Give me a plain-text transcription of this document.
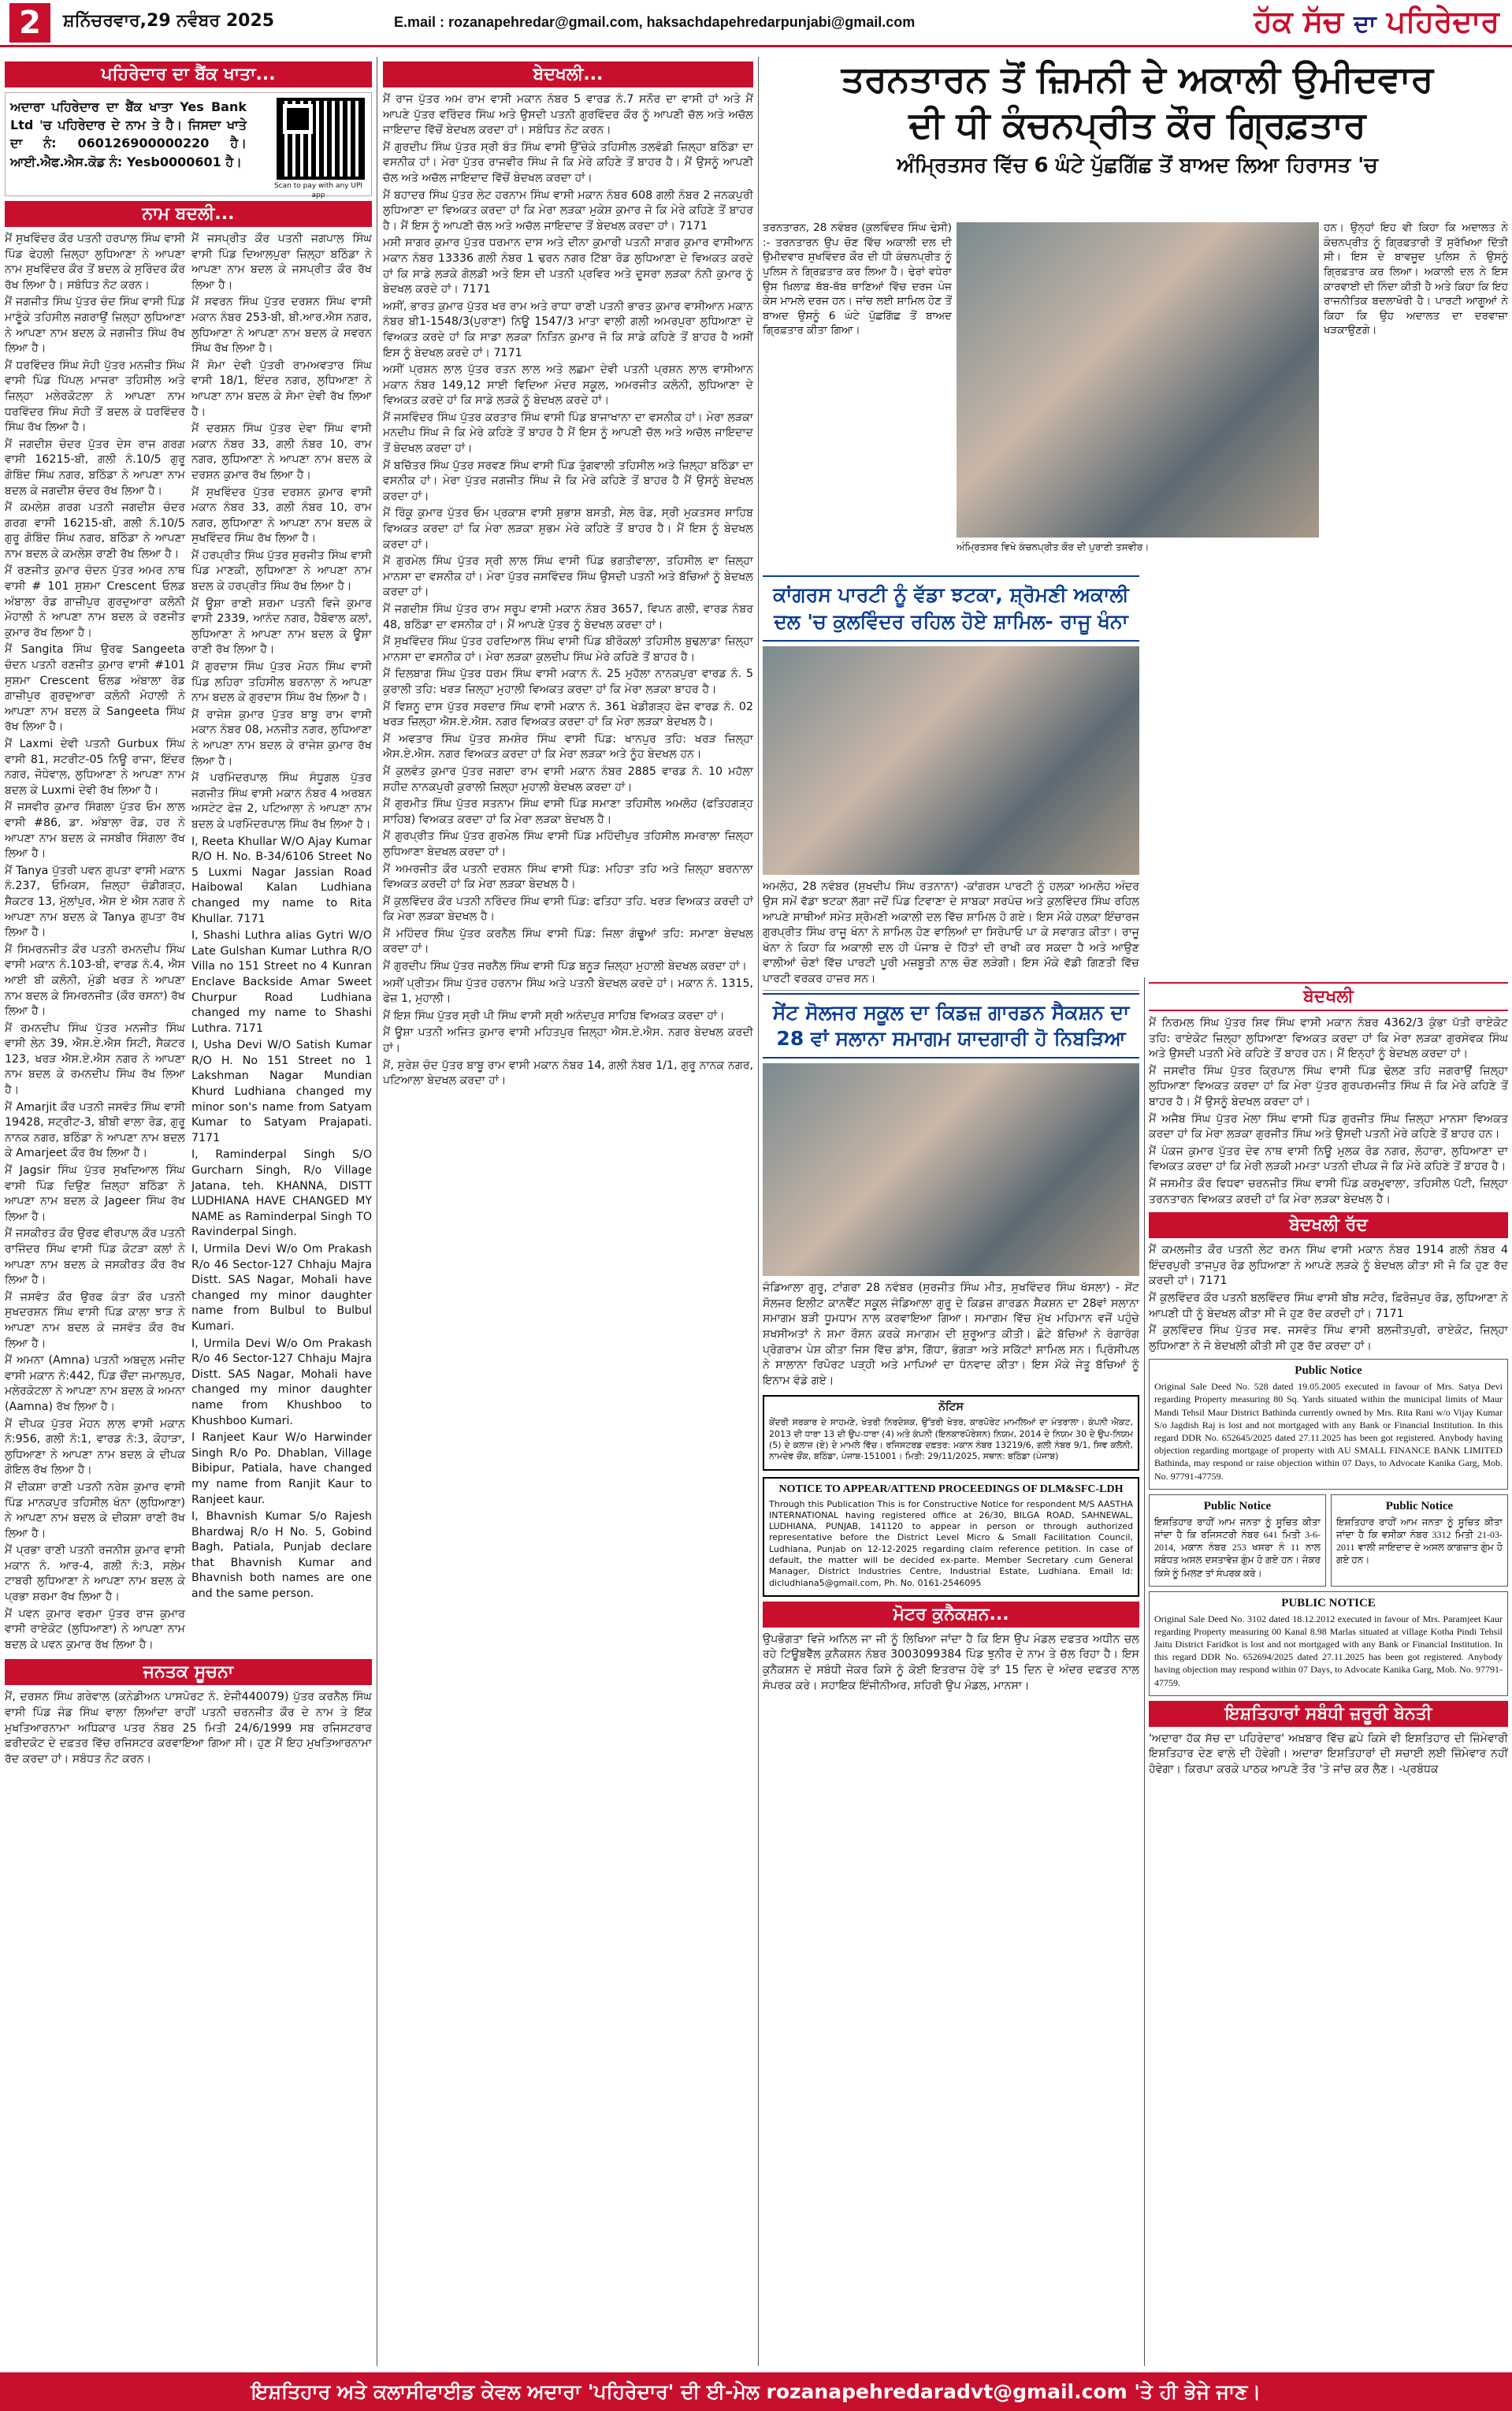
2	ਸ਼ਨਿੱਚਰਵਾਰ,29 ਨਵੰਬਰ 2025	E.mail : rozanapehredar@gmail.com, haksachdapehredarpunjabi@gmail.com	ਹੱਕ ਸੱਚ ਦਾ ਪਹਿਰੇਦਾਰ
ਪਹਿਰੇਦਾਰ ਦਾ ਬੈਂਕ ਖਾਤਾ...
ਅਦਾਰਾ ਪਹਿਰੇਦਾਰ ਦਾ ਬੈਂਕ ਖਾਤਾ Yes Bank Ltd 'ਚ ਪਹਿਰੇਦਾਰ ਦੇ ਨਾਮ ਤੇ ਹੈ। ਜਿਸਦਾ ਖਾਤੇ ਦਾ ਨੰ: 060126900000220 ਹੈ। ਆਈ.ਐਫ.ਐਸ.ਕੋਡ ਨੰ: Yesb0000601 ਹੈ।
Scan to pay with any UPI app
ਨਾਮ ਬਦਲੀ...

ਮੈਂ ਸੁਖਵਿੰਦਰ ਕੌਰ ਪਤਨੀ ਹਰਪਾਲ ਸਿੰਘ ਵਾਸੀ ਪਿੰਡ ਫੇਹਲੀ ਜ਼ਿਲ੍ਹਾ ਲੁਧਿਆਣਾ ਨੇ ਆਪਣਾ ਨਾਮ ਸੁਖਵਿੰਦਰ ਕੌਰ ਤੋਂ ਬਦਲ ਕੇ ਸੁਰਿੰਦਰ ਕੌਰ ਰੱਖ ਲਿਆ ਹੈ। ਸਬੰਧਿਤ ਨੋਟ ਕਰਨ।

ਮੈਂ ਜਗਜੀਤ ਸਿੰਘ ਪੁੱਤਰ ਚੰਦ ਸਿੰਘ ਵਾਸੀ ਪਿੰਡ ਮਾਣੂੰਕੇ ਤਹਿਸੀਲ ਜਗਰਾਉਂ ਜ਼ਿਲ੍ਹਾ ਲੁਧਿਆਣਾ ਨੇ ਆਪਣਾ ਨਾਮ ਬਦਲ ਕੇ ਜਗਜੀਤ ਸਿੰਘ ਰੱਖ ਲਿਆ ਹੈ।

ਮੈਂ ਧਰਵਿੰਦਰ ਸਿੰਘ ਸੋਹੀ ਪੁੱਤਰ ਮਨਜੀਤ ਸਿੰਘ ਵਾਸੀ ਪਿੰਡ ਪਿੱਪਲ ਮਾਜਰਾ ਤਹਿਸੀਲ ਅਤੇ ਜ਼ਿਲ੍ਹਾ ਮਲੇਰਕੋਟਲਾ ਨੇ ਆਪਣਾ ਨਾਮ ਧਰਵਿੰਦਰ ਸਿੰਘ ਸੋਹੀ ਤੋਂ ਬਦਲ ਕੇ ਧਰਵਿੰਦਰ ਸਿੰਘ ਰੱਖ ਲਿਆ ਹੈ।

ਮੈਂ ਜਗਦੀਸ਼ ਚੰਦਰ ਪੁੱਤਰ ਦੇਸ ਰਾਜ ਗਰਗ ਵਾਸੀ 16215-ਬੀ, ਗਲੀ ਨੰ.10/5 ਗੁਰੂ ਗੋਬਿੰਦ ਸਿੰਘ ਨਗਰ, ਬਠਿੰਡਾ ਨੇ ਆਪਣਾ ਨਾਮ ਬਦਲ ਕੇ ਜਗਦੀਸ਼ ਚੰਦਰ ਰੱਖ ਲਿਆ ਹੈ।

ਮੈਂ ਕਮਲੇਸ਼ ਗਰਗ ਪਤਨੀ ਜਗਦੀਸ਼ ਚੰਦਰ ਗਰਗ ਵਾਸੀ 16215-ਬੀ, ਗਲੀ ਨੰ.10/5 ਗੁਰੂ ਗੋਬਿੰਦ ਸਿੰਘ ਨਗਰ, ਬਠਿੰਡਾ ਨੇ ਆਪਣਾ ਨਾਮ ਬਦਲ ਕੇ ਕਮਲੇਸ਼ ਰਾਣੀ ਰੱਖ ਲਿਆ ਹੈ।

ਮੈਂ ਰਣਜੀਤ ਕੁਮਾਰ ਚੰਦਨ ਪੁੱਤਰ ਅਮਰ ਨਾਥ ਵਾਸੀ # 101 ਸੁਸ਼ਮਾ Crescent ਓਲਡ ਅੰਬਾਲਾ ਰੋਡ ਗਾਜ਼ੀਪੁਰ ਗੁਰਦੁਆਰਾ ਕਲੋਨੀ ਮੋਹਾਲੀ ਨੇ ਆਪਣਾ ਨਾਮ ਬਦਲ ਕੇ ਰਣਜੀਤ ਕੁਮਾਰ ਰੱਖ ਲਿਆ ਹੈ।

ਮੈਂ Sangita ਸਿੰਘ ਉਰਫ Sangeeta ਚੰਦਨ ਪਤਨੀ ਰਣਜੀਤ ਕੁਮਾਰ ਵਾਸੀ #101 ਸੁਸ਼ਮਾ Crescent ਓਲਡ ਅੰਬਾਲਾ ਰੋਡ ਗਾਜ਼ੀਪੁਰ ਗੁਰਦੁਆਰਾ ਕਲੋਨੀ ਮੋਹਾਲੀ ਨੇ ਆਪਣਾ ਨਾਮ ਬਦਲ ਕੇ Sangeeta ਸਿੰਘ ਰੱਖ ਲਿਆ ਹੈ।

ਮੈਂ Laxmi ਦੇਵੀ ਪਤਨੀ Gurbux ਸਿੰਘ ਵਾਸੀ 81, ਸਟਰੀਟ-05 ਨਿਊ ਰਾਜਾ, ਇੰਦਰ ਨਗਰ, ਜੋਧੇਵਾਲ, ਲੁਧਿਆਣਾ ਨੇ ਆਪਣਾ ਨਾਮ ਬਦਲ ਕੇ Luxmi ਦੇਵੀ ਰੱਖ ਲਿਆ ਹੈ।

ਮੈਂ ਜਸਵੀਰ ਕੁਮਾਰ ਸਿੰਗਲਾ ਪੁੱਤਰ ਓਮ ਲਾਲ ਵਾਸੀ #86, ਡਾ. ਅੰਬਾਲਾ ਰੋਡ, ਹਰ ਨੇ ਆਪਣਾ ਨਾਮ ਬਦਲ ਕੇ ਜਸਬੀਰ ਸਿੰਗਲਾ ਰੱਖ ਲਿਆ ਹੈ।

ਮੈਂ Tanya ਪੁੱਤਰੀ ਪਵਨ ਗੁਪਤਾ ਵਾਸੀ ਮਕਾਨ ਨੰ.237, ਓਮਿਕਸ, ਜ਼ਿਲ੍ਹਾ ਚੰਡੀਗੜ੍ਹ, ਸੈਕਟਰ 13, ਮੁੱਲਾਂਪੁਰ, ਐਸ ਏ ਐਸ ਨਗਰ ਨੇ ਆਪਣਾ ਨਾਮ ਬਦਲ ਕੇ Tanya ਗੁਪਤਾ ਰੱਖ ਲਿਆ ਹੈ।

ਮੈਂ ਸਿਮਰਨਜੀਤ ਕੌਰ ਪਤਨੀ ਰਮਨਦੀਪ ਸਿੰਘ ਵਾਸੀ ਮਕਾਨ ਨੰ.103-ਬੀ, ਵਾਰਡ ਨੰ.4, ਐਸ ਆਈ ਬੀ ਕਲੋਨੀ, ਮੁੰਡੀ ਖਰੜ ਨੇ ਆਪਣਾ ਨਾਮ ਬਦਲ ਕੇ ਸਿਮਰਨਜੀਤ (ਕੌਰ ਰਸਨਾ) ਰੱਖ ਲਿਆ ਹੈ।

ਮੈਂ ਰਮਨਦੀਪ ਸਿੰਘ ਪੁੱਤਰ ਮਨਜੀਤ ਸਿੰਘ ਵਾਸੀ ਲੇਨ 39, ਐਸ.ਏ.ਐਸ ਸਿਟੀ, ਸੈਕਟਰ 123, ਖਰੜ ਐਸ.ਏ.ਐਸ ਨਗਰ ਨੇ ਆਪਣਾ ਨਾਮ ਬਦਲ ਕੇ ਰਮਨਦੀਪ ਸਿੰਘ ਰੱਖ ਲਿਆ ਹੈ।

ਮੈਂ Amarjit ਕੌਰ ਪਤਨੀ ਜਸਵੰਤ ਸਿੰਘ ਵਾਸੀ 19428, ਸਟ੍ਰੀਟ-3, ਬੀਬੀ ਵਾਲਾ ਰੋਡ, ਗੁਰੂ ਨਾਨਕ ਨਗਰ, ਬਠਿੰਡਾ ਨੇ ਆਪਣਾ ਨਾਮ ਬਦਲ ਕੇ Amarjeet ਕੌਰ ਰੱਖ ਲਿਆ ਹੈ।

ਮੈਂ Jagsir ਸਿੰਘ ਪੁੱਤਰ ਸੁਖਦਿਆਲ ਸਿੰਘ ਵਾਸੀ ਪਿੰਡ ਦਿਉਣ ਜ਼ਿਲ੍ਹਾ ਬਠਿੰਡਾ ਨੇ ਆਪਣਾ ਨਾਮ ਬਦਲ ਕੇ Jageer ਸਿੰਘ ਰੱਖ ਲਿਆ ਹੈ।

ਮੈਂ ਜਸਕੀਰਤ ਕੌਰ ਉਰਫ ਵੀਰਪਾਲ ਕੌਰ ਪਤਨੀ ਰਾਜਿੰਦਰ ਸਿੰਘ ਵਾਸੀ ਪਿੰਡ ਕੋਟੜਾ ਕਲਾਂ ਨੇ ਆਪਣਾ ਨਾਮ ਬਦਲ ਕੇ ਜਸਕੀਰਤ ਕੌਰ ਰੱਖ ਲਿਆ ਹੈ।

ਮੈਂ ਜਸਵੰਤ ਕੌਰ ਉਰਫ ਕੰਤਾ ਕੌਰ ਪਤਨੀ ਸੁਖਦਰਸ਼ਨ ਸਿੰਘ ਵਾਸੀ ਪਿੰਡ ਕਾਲਾ ਝਾੜ ਨੇ ਆਪਣਾ ਨਾਮ ਬਦਲ ਕੇ ਜਸਵੰਤ ਕੌਰ ਰੱਖ ਲਿਆ ਹੈ।

ਮੈਂ ਅਮਨਾ (Amna) ਪਤਨੀ ਅਬਦੁਲ ਮਜੀਦ ਵਾਸੀ ਮਕਾਨ ਨੰ:442, ਪਿੰਡ ਚੌਂਦਾ ਜਮਾਲਪੁਰ, ਮਲੇਰਕੋਟਲਾ ਨੇ ਆਪਣਾ ਨਾਮ ਬਦਲ ਕੇ ਅਮਨਾ (Aamna) ਰੱਖ ਲਿਆ ਹੈ।

ਮੈਂ ਦੀਪਕ ਪੁੱਤਰ ਮੋਹਨ ਲਾਲ ਵਾਸੀ ਮਕਾਨ ਨੰ:956, ਗਲੀ ਨੰ:1, ਵਾਰਡ ਨੰ:3, ਕੋਹਾੜਾ, ਲੁਧਿਆਣਾ ਨੇ ਆਪਣਾ ਨਾਮ ਬਦਲ ਕੇ ਦੀਪਕ ਗੋਇਲ ਰੱਖ ਲਿਆ ਹੈ।

ਮੈਂ ਦੀਕਸ਼ਾ ਰਾਣੀ ਪਤਨੀ ਨਰੇਸ਼ ਕੁਮਾਰ ਵਾਸੀ ਪਿੰਡ ਮਾਨਕਪੁਰ ਤਹਿਸੀਲ ਖੰਨਾ (ਲੁਧਿਆਣਾ) ਨੇ ਆਪਣਾ ਨਾਮ ਬਦਲ ਕੇ ਦੀਕਸ਼ਾ ਰਾਣੀ ਰੱਖ ਲਿਆ ਹੈ।

ਮੈਂ ਪ੍ਰਭਾ ਰਾਣੀ ਪਤਨੀ ਰਜਨੀਸ਼ ਕੁਮਾਰ ਵਾਸੀ ਮਕਾਨ ਨੰ. ਆਰ-4, ਗਲੀ ਨੰ:3, ਸਲੇਮ ਟਾਬਰੀ ਲੁਧਿਆਣਾ ਨੇ ਆਪਣਾ ਨਾਮ ਬਦਲ ਕੇ ਪ੍ਰਭਾ ਸ਼ਰਮਾ ਰੱਖ ਲਿਆ ਹੈ।

ਮੈਂ ਪਵਨ ਕੁਮਾਰ ਵਰਮਾ ਪੁੱਤਰ ਰਾਜ ਕੁਮਾਰ ਵਾਸੀ ਰਾਏਕੋਟ (ਲੁਧਿਆਣਾ) ਨੇ ਆਪਣਾ ਨਾਮ ਬਦਲ ਕੇ ਪਵਨ ਕੁਮਾਰ ਰੱਖ ਲਿਆ ਹੈ।

ਮੈਂ ਜਸਪ੍ਰੀਤ ਕੌਰ ਪਤਨੀ ਜਗਪਾਲ ਸਿੰਘ ਵਾਸੀ ਪਿੰਡ ਦਿਆਲਪੁਰਾ ਜ਼ਿਲ੍ਹਾ ਬਠਿੰਡਾ ਨੇ ਆਪਣਾ ਨਾਮ ਬਦਲ ਕੇ ਜਸਪ੍ਰੀਤ ਕੌਰ ਰੱਖ ਲਿਆ ਹੈ।

ਮੈਂ ਸਵਰਨ ਸਿੰਘ ਪੁੱਤਰ ਦਰਸ਼ਨ ਸਿੰਘ ਵਾਸੀ ਮਕਾਨ ਨੰਬਰ 253-ਬੀ, ਬੀ.ਆਰ.ਐਸ ਨਗਰ, ਲੁਧਿਆਣਾ ਨੇ ਆਪਣਾ ਨਾਮ ਬਦਲ ਕੇ ਸਵਰਨ ਸਿੰਘ ਰੱਖ ਲਿਆ ਹੈ।

ਮੈਂ ਸੋਮਾ ਦੇਵੀ ਪੁੱਤਰੀ ਰਾਮਅਵਤਾਰ ਸਿੰਘ ਵਾਸੀ 18/1, ਇੰਦਰ ਨਗਰ, ਲੁਧਿਆਣਾ ਨੇ ਆਪਣਾ ਨਾਮ ਬਦਲ ਕੇ ਸੋਮਾ ਦੇਵੀ ਰੱਖ ਲਿਆ ਹੈ।

ਮੈਂ ਦਰਸ਼ਨ ਸਿੰਘ ਪੁੱਤਰ ਦੇਵਾ ਸਿੰਘ ਵਾਸੀ ਮਕਾਨ ਨੰਬਰ 33, ਗਲੀ ਨੰਬਰ 10, ਰਾਮ ਨਗਰ, ਲੁਧਿਆਣਾ ਨੇ ਆਪਣਾ ਨਾਮ ਬਦਲ ਕੇ ਦਰਸ਼ਨ ਕੁਮਾਰ ਰੱਖ ਲਿਆ ਹੈ।

ਮੈਂ ਸੁਖਵਿੰਦਰ ਪੁੱਤਰ ਦਰਸ਼ਨ ਕੁਮਾਰ ਵਾਸੀ ਮਕਾਨ ਨੰਬਰ 33, ਗਲੀ ਨੰਬਰ 10, ਰਾਮ ਨਗਰ, ਲੁਧਿਆਣਾ ਨੇ ਆਪਣਾ ਨਾਮ ਬਦਲ ਕੇ ਸੁਖਵਿੰਦਰ ਸਿੰਘ ਰੱਖ ਲਿਆ ਹੈ।

ਮੈਂ ਹਰਪ੍ਰੀਤ ਸਿੰਘ ਪੁੱਤਰ ਸੁਰਜੀਤ ਸਿੰਘ ਵਾਸੀ ਪਿੰਡ ਮਾਣਕੀ, ਲੁਧਿਆਣਾ ਨੇ ਆਪਣਾ ਨਾਮ ਬਦਲ ਕੇ ਹਰਪ੍ਰੀਤ ਸਿੰਘ ਰੱਖ ਲਿਆ ਹੈ।

ਮੈਂ ਊਸ਼ਾ ਰਾਣੀ ਸ਼ਰਮਾ ਪਤਨੀ ਵਿਜੇ ਕੁਮਾਰ ਵਾਸੀ 2339, ਆਨੰਦ ਨਗਰ, ਹੈਬੋਵਾਲ ਕਲਾਂ, ਲੁਧਿਆਣਾ ਨੇ ਆਪਣਾ ਨਾਮ ਬਦਲ ਕੇ ਊਸ਼ਾ ਰਾਣੀ ਰੱਖ ਲਿਆ ਹੈ।

ਮੈਂ ਗੁਰਦਾਸ ਸਿੰਘ ਪੁੱਤਰ ਮੋਹਨ ਸਿੰਘ ਵਾਸੀ ਪਿੰਡ ਲਹਿਰਾ ਤਹਿਸੀਲ ਬਰਨਾਲਾ ਨੇ ਆਪਣਾ ਨਾਮ ਬਦਲ ਕੇ ਗੁਰਦਾਸ ਸਿੰਘ ਰੱਖ ਲਿਆ ਹੈ।

ਮੈਂ ਰਾਜੇਸ਼ ਕੁਮਾਰ ਪੁੱਤਰ ਬਾਬੂ ਰਾਮ ਵਾਸੀ ਮਕਾਨ ਨੰਬਰ 08, ਮਨਜੀਤ ਨਗਰ, ਲੁਧਿਆਣਾ ਨੇ ਆਪਣਾ ਨਾਮ ਬਦਲ ਕੇ ਰਾਜੇਸ਼ ਕੁਮਾਰ ਰੱਖ ਲਿਆ ਹੈ।

ਮੈਂ ਪਰਮਿੰਦਰਪਾਲ ਸਿੰਘ ਸੰਧੂਗਲ ਪੁੱਤਰ ਜਗਜੀਤ ਸਿੰਘ ਵਾਸੀ ਮਕਾਨ ਨੰਬਰ 4 ਅਰਬਨ ਅਸਟੇਟ ਫੇਜ਼ 2, ਪਟਿਆਲਾ ਨੇ ਆਪਣਾ ਨਾਮ ਬਦਲ ਕੇ ਪਰਮਿੰਦਰਪਾਲ ਸਿੰਘ ਰੱਖ ਲਿਆ ਹੈ।

I, Reeta Khullar W/O Ajay Kumar R/O H. No. B-34/6106 Street No 5 Luxmi Nagar Jassian Road Haibowal Kalan Ludhiana changed my name to Rita Khullar. 7171

I, Shashi Luthra alias Gytri W/O Late Gulshan Kumar Luthra R/O Villa no 151 Street no 4 Kunran Enclave Backside Amar Sweet Churpur Road Ludhiana changed my name to Shashi Luthra. 7171

I, Usha Devi W/O Satish Kumar R/O H. No 151 Street no 1 Lakshman Nagar Mundian Khurd Ludhiana changed my minor son's name from Satyam Kumar to Satyam Prajapati. 7171

I, Raminderpal Singh S/O Gurcharn Singh, R/o Village Jatana, teh. KHANNA, DISTT LUDHIANA HAVE CHANGED MY NAME as Raminderpal Singh TO Ravinderpal Singh.

I, Urmila Devi W/o Om Prakash R/o 46 Sector-127 Chhaju Majra Distt. SAS Nagar, Mohali have changed my minor daughter name from Bulbul to Bulbul Kumari.

I, Urmila Devi W/o Om Prakash R/o 46 Sector-127 Chhaju Majra Distt. SAS Nagar, Mohali have changed my minor daughter name from Khushboo to Khushboo Kumari.

I Ranjeet Kaur W/o Harwinder Singh R/o Po. Dhablan, Village Bibipur, Patiala, have changed my name from Ranjit Kaur to Ranjeet kaur.

I, Bhavnish Kumar S/o Rajesh Bhardwaj R/o H No. 5, Gobind Bagh, Patiala, Punjab declare that Bhavnish Kumar and Bhavnish both names are one and the same person.

ਜਨਤਕ ਸੂਚਨਾ

ਮੈਂ, ਦਰਸ਼ਨ ਸਿੰਘ ਗਰੇਵਾਲ (ਕਨੇਡੀਅਨ ਪਾਸਪੋਰਟ ਨੰ. ਏਜੀ440079) ਪੁੱਤਰ ਕਰਨੈਲ ਸਿੰਘ ਵਾਸੀ ਪਿੰਡ ਜੰਡ ਸਿੰਘ ਵਾਲਾ ਲਿਆਂਦਾ ਰਾਹੀਂ ਪਤਨੀ ਚਰਨਜੀਤ ਕੌਰ ਦੇ ਨਾਮ ਤੇ ਇੱਕ ਮੁਖਤਿਆਰਨਾਮਾ ਅਧਿਕਾਰ ਪਤਰ ਨੰਬਰ 25 ਮਿਤੀ 24/6/1999 ਸਬ ਰਜਿਸਟਰਾਰ ਫ਼ਰੀਦਕੋਟ ਦੇ ਦਫ਼ਤਰ ਵਿੱਚ ਰਜਿਸਟਰ ਕਰਵਾਇਆ ਗਿਆ ਸੀ। ਹੁਣ ਮੈਂ ਇਹ ਮੁਖਤਿਆਰਨਾਮਾ ਰੱਦ ਕਰਦਾ ਹਾਂ। ਸਬੰਧਤ ਨੋਟ ਕਰਨ।

ਬੇਦਖਲੀ...

ਮੈਂ ਰਾਜ ਪੁੱਤਰ ਅਮ ਰਾਮ ਵਾਸੀ ਮਕਾਨ ਨੰਬਰ 5 ਵਾਰਡ ਨੰ.7 ਸਨੌਰ ਦਾ ਵਾਸੀ ਹਾਂ ਅਤੇ ਮੈਂ ਆਪਣੇ ਪੁੱਤਰ ਵਰਿੰਦਰ ਸਿੰਘ ਅਤੇ ਉਸਦੀ ਪਤਨੀ ਗੁਰਵਿੰਦਰ ਕੌਰ ਨੂੰ ਆਪਣੀ ਚੱਲ ਅਤੇ ਅਚੱਲ ਜਾਇਦਾਦ ਵਿੱਚੋਂ ਬੇਦਖਲ ਕਰਦਾ ਹਾਂ। ਸਬੰਧਿਤ ਨੋਟ ਕਰਨ।

ਮੈਂ ਗੁਰਦੀਪ ਸਿੰਘ ਪੁੱਤਰ ਸ੍ਰੀ ਬੰਤ ਸਿੰਘ ਵਾਸੀ ਉੱਚੇਕੇ ਤਹਿਸੀਲ ਤਲਵੰਡੀ ਜ਼ਿਲ੍ਹਾ ਬਠਿੰਡਾ ਦਾ ਵਸਨੀਕ ਹਾਂ। ਮੇਰਾ ਪੁੱਤਰ ਰਾਜਵੀਰ ਸਿੰਘ ਜੋ ਕਿ ਮੇਰੇ ਕਹਿਣੇ ਤੋਂ ਬਾਹਰ ਹੈ। ਮੈਂ ਉਸਨੂੰ ਆਪਣੀ ਚੱਲ ਅਤੇ ਅਚੱਲ ਜਾਇਦਾਦ ਵਿੱਚੋਂ ਬੇਦਖਲ ਕਰਦਾ ਹਾਂ।

ਮੈਂ ਬਹਾਦਰ ਸਿੰਘ ਪੁੱਤਰ ਲੇਟ ਹਰਨਾਮ ਸਿੰਘ ਵਾਸੀ ਮਕਾਨ ਨੰਬਰ 608 ਗਲੀ ਨੰਬਰ 2 ਜਨਕਪੁਰੀ ਲੁਧਿਆਣਾ ਦਾ ਵਿਅਕਤ ਕਰਦਾ ਹਾਂ ਕਿ ਮੇਰਾ ਲੜਕਾ ਮੁਕੇਸ਼ ਕੁਮਾਰ ਜੋ ਕਿ ਮੇਰੇ ਕਹਿਣੇ ਤੋਂ ਬਾਹਰ ਹੈ। ਮੈਂ ਇਸ ਨੂੰ ਆਪਣੀ ਚੱਲ ਅਤੇ ਅਚੱਲ ਜਾਇਦਾਦ ਤੋਂ ਬੇਦਖਲ ਕਰਦਾ ਹਾਂ। 7171

ਮਸੀ ਸਾਗਰ ਕੁਮਾਰ ਪੁੱਤਰ ਧਰਮਾਨ ਦਾਸ ਅਤੇ ਦੀਨਾ ਕੁਮਾਰੀ ਪਤਨੀ ਸਾਗਰ ਕੁਮਾਰ ਵਾਸੀਆਨ ਮਕਾਨ ਨੰਬਰ 13336 ਗਲੀ ਨੰਬਰ 1 ਢਰਨ ਨਗਰ ਟਿੱਬਾ ਰੋਡ ਲੁਧਿਆਣਾ ਦੇ ਵਿਅਕਤ ਕਰਦੇ ਹਾਂ ਕਿ ਸਾਡੇ ਲੜਕੇ ਗੋਲਡੀ ਅਤੇ ਇਸ ਦੀ ਪਤਨੀ ਪ੍ਰਵਿਰ ਅਤੇ ਦੂਸਰਾ ਲੜਕਾ ਨੰਨੀ ਕੁਮਾਰ ਨੂੰ ਬੇਦਖਲ ਕਰਦੇ ਹਾਂ। 7171

ਅਸੀਂ, ਭਾਰਤ ਕੁਮਾਰ ਪੁੱਤਰ ਖਰ ਰਾਮ ਅਤੇ ਰਾਧਾ ਰਾਣੀ ਪਤਨੀ ਭਾਰਤ ਕੁਮਾਰ ਵਾਸੀਆਨ ਮਕਾਨ ਨੰਬਰ ਬੀ1-1548/3(ਪੁਰਾਣਾ) ਨਿਊ 1547/3 ਮਾਤਾ ਵਾਲੀ ਗਲੀ ਅਮਰਪੁਰਾ ਲੁਧਿਆਣਾ ਦੇ ਵਿਅਕਤ ਕਰਦੇ ਹਾਂ ਕਿ ਸਾਡਾ ਲੜਕਾ ਨਿਤਿਨ ਕੁਮਾਰ ਜੋ ਕਿ ਸਾਡੇ ਕਹਿਣੇ ਤੋਂ ਬਾਹਰ ਹੈ ਅਸੀਂ ਇਸ ਨੂੰ ਬੇਦਖਲ ਕਰਦੇ ਹਾਂ। 7171

ਅਸੀਂ ਪ੍ਰਸ਼ਨ ਲਾਲ ਪੁੱਤਰ ਰਤਨ ਲਾਲ ਅਤੇ ਲਛਮਾ ਦੇਵੀ ਪਤਨੀ ਪ੍ਰਸ਼ਨ ਲਾਲ ਵਾਸੀਆਨ ਮਕਾਨ ਨੰਬਰ 149,12 ਸਾਈ ਵਿਦਿਆ ਮੰਦਰ ਸਕੂਲ, ਅਮਰਜੀਤ ਕਲੋਨੀ, ਲੁਧਿਆਣਾ ਦੇ ਵਿਅਕਤ ਕਰਦੇ ਹਾਂ ਕਿ ਸਾਡੇ ਲੜਕੇ ਨੂੰ ਬੇਦਖਲ ਕਰਦੇ ਹਾਂ।

ਮੈਂ ਜਸਵਿੰਦਰ ਸਿੰਘ ਪੁੱਤਰ ਕਰਤਾਰ ਸਿੰਘ ਵਾਸੀ ਪਿੰਡ ਬਾਜਾਖਾਨਾ ਦਾ ਵਸਨੀਕ ਹਾਂ। ਮੇਰਾ ਲੜਕਾ ਮਨਦੀਪ ਸਿੰਘ ਜੋ ਕਿ ਮੇਰੇ ਕਹਿਣੇ ਤੋਂ ਬਾਹਰ ਹੈ ਮੈਂ ਇਸ ਨੂੰ ਆਪਣੀ ਚੱਲ ਅਤੇ ਅਚੱਲ ਜਾਇਦਾਦ ਤੋਂ ਬੇਦਖਲ ਕਰਦਾ ਹਾਂ।

ਮੈਂ ਬਚਿੱਤਰ ਸਿੰਘ ਪੁੱਤਰ ਸਰਵਣ ਸਿੰਘ ਵਾਸੀ ਪਿੰਡ ਤੁੰਗਵਾਲੀ ਤਹਿਸੀਲ ਅਤੇ ਜ਼ਿਲ੍ਹਾ ਬਠਿੰਡਾ ਦਾ ਵਸਨੀਕ ਹਾਂ। ਮੇਰਾ ਪੁੱਤਰ ਜਗਜੀਤ ਸਿੰਘ ਜੋ ਕਿ ਮੇਰੇ ਕਹਿਣੇ ਤੋਂ ਬਾਹਰ ਹੈ ਮੈਂ ਉਸਨੂੰ ਬੇਦਖਲ ਕਰਦਾ ਹਾਂ।

ਮੈਂ ਰਿੰਕੂ ਕੁਮਾਰ ਪੁੱਤਰ ਓਮ ਪ੍ਰਕਾਸ਼ ਵਾਸੀ ਸ਼ੁਭਾਸ਼ ਬਸਤੀ, ਸੇਲ ਰੋਡ, ਸ੍ਰੀ ਮੁਕਤਸਰ ਸਾਹਿਬ ਵਿਅਕਤ ਕਰਦਾ ਹਾਂ ਕਿ ਮੇਰਾ ਲੜਕਾ ਸ਼ੁਭਮ ਮੇਰੇ ਕਹਿਣੇ ਤੋਂ ਬਾਹਰ ਹੈ। ਮੈਂ ਇਸ ਨੂੰ ਬੇਦਖਲ ਕਰਦਾ ਹਾਂ।

ਮੈਂ ਗੁਰਮੇਲ ਸਿੰਘ ਪੁੱਤਰ ਸ੍ਰੀ ਲਾਲ ਸਿੰਘ ਵਾਸੀ ਪਿੰਡ ਭਗਤੀਵਾਲਾ, ਤਹਿਸੀਲ ਵਾ ਜ਼ਿਲ੍ਹਾ ਮਾਨਸਾ ਦਾ ਵਸਨੀਕ ਹਾਂ। ਮੇਰਾ ਪੁੱਤਰ ਜਸਵਿੰਦਰ ਸਿੰਘ ਉਸਦੀ ਪਤਨੀ ਅਤੇ ਬੱਚਿਆਂ ਨੂੰ ਬੇਦਖਲ ਕਰਦਾ ਹਾਂ।

ਮੈਂ ਜਗਦੀਸ਼ ਸਿੰਘ ਪੁੱਤਰ ਰਾਮ ਸਰੂਪ ਵਾਸੀ ਮਕਾਨ ਨੰਬਰ 3657, ਵਿਪਨ ਗਲੀ, ਵਾਰਡ ਨੰਬਰ 48, ਬਠਿੰਡਾ ਦਾ ਵਸਨੀਕ ਹਾਂ। ਮੈਂ ਆਪਣੇ ਪੁੱਤਰ ਨੂੰ ਬੇਦਖਲ ਕਰਦਾ ਹਾਂ।

ਮੈਂ ਸੁਖਵਿੰਦਰ ਸਿੰਘ ਪੁੱਤਰ ਹਰਦਿਆਲ ਸਿੰਘ ਵਾਸੀ ਪਿੰਡ ਬੀਰੋਕਲਾਂ ਤਹਿਸੀਲ ਬੁਢਲਾਡਾ ਜ਼ਿਲ੍ਹਾ ਮਾਨਸਾ ਦਾ ਵਸਨੀਕ ਹਾਂ। ਮੇਰਾ ਲੜਕਾ ਕੁਲਦੀਪ ਸਿੰਘ ਮੇਰੇ ਕਹਿਣੇ ਤੋਂ ਬਾਹਰ ਹੈ।

ਮੈਂ ਦਿਲਬਾਗ ਸਿੰਘ ਪੁੱਤਰ ਧਰਮ ਸਿੰਘ ਵਾਸੀ ਮਕਾਨ ਨੰ. 25 ਮੁਹੱਲਾ ਨਾਨਕਪੁਰਾ ਵਾਰਡ ਨੰ. 5 ਕੁਰਾਲੀ ਤਹਿ: ਖਰੜ ਜ਼ਿਲ੍ਹਾ ਮੁਹਾਲੀ ਵਿਅਕਤ ਕਰਦਾ ਹਾਂ ਕਿ ਮੇਰਾ ਲੜਕਾ ਬਾਹਰ ਹੈ।

ਮੈਂ ਵਿਸ਼ਨੂ ਦਾਸ ਪੁੱਤਰ ਸਰਦਾਰ ਸਿੰਘ ਵਾਸੀ ਮਕਾਨ ਨੰ. 361 ਖੇਡੀਗੜ੍ਹ ਫੇਜ਼ ਵਾਰਡ ਨੰ. 02 ਖਰੜ ਜ਼ਿਲ੍ਹਾ ਐਸ.ਏ.ਐਸ. ਨਗਰ ਵਿਅਕਤ ਕਰਦਾ ਹਾਂ ਕਿ ਮੇਰਾ ਲੜਕਾ ਬੇਦਖਲ ਹੈ।

ਮੈਂ ਅਵਤਾਰ ਸਿੰਘ ਪੁੱਤਰ ਸ਼ਮਸ਼ੇਰ ਸਿੰਘ ਵਾਸੀ ਪਿੰਡ: ਖਾਨਪੁਰ ਤਹਿ: ਖਰੜ ਜ਼ਿਲ੍ਹਾ ਐਸ.ਏ.ਐਸ. ਨਗਰ ਵਿਅਕਤ ਕਰਦਾ ਹਾਂ ਕਿ ਮੇਰਾ ਲੜਕਾ ਅਤੇ ਨੂੰਹ ਬੇਦਖਲ ਹਨ।

ਮੈਂ ਕੁਲਵੰਤ ਕੁਮਾਰ ਪੁੱਤਰ ਜਗਦਾ ਰਾਮ ਵਾਸੀ ਮਕਾਨ ਨੰਬਰ 2885 ਵਾਰਡ ਨੰ. 10 ਮਹੱਲਾ ਸ਼ਹੀਦ ਨਾਨਕਪੁਰੀ ਕੁਰਾਲੀ ਜ਼ਿਲ੍ਹਾ ਮੁਹਾਲੀ ਬੇਦਖਲ ਕਰਦਾ ਹਾਂ।

ਮੈਂ ਗੁਰਮੀਤ ਸਿੰਘ ਪੁੱਤਰ ਸਤਨਾਮ ਸਿੰਘ ਵਾਸੀ ਪਿੰਡ ਸਮਾਣਾ ਤਹਿਸੀਲ ਅਮਲੋਹ (ਫਤਿਹਗੜ੍ਹ ਸਾਹਿਬ) ਵਿਅਕਤ ਕਰਦਾ ਹਾਂ ਕਿ ਮੇਰਾ ਲੜਕਾ ਬੇਦਖਲ ਹੈ।

ਮੈਂ ਗੁਰਪ੍ਰੀਤ ਸਿੰਘ ਪੁੱਤਰ ਗੁਰਮੇਲ ਸਿੰਘ ਵਾਸੀ ਪਿੰਡ ਮਹਿੰਦੀਪੁਰ ਤਹਿਸੀਲ ਸਮਰਾਲਾ ਜ਼ਿਲ੍ਹਾ ਲੁਧਿਆਣਾ ਬੇਦਖਲ ਕਰਦਾ ਹਾਂ।

ਮੈਂ ਅਮਰਜੀਤ ਕੌਰ ਪਤਨੀ ਦਰਸ਼ਨ ਸਿੰਘ ਵਾਸੀ ਪਿੰਡ: ਮਹਿਤਾ ਤਹਿ ਅਤੇ ਜ਼ਿਲ੍ਹਾ ਬਰਨਾਲਾ ਵਿਅਕਤ ਕਰਦੀ ਹਾਂ ਕਿ ਮੇਰਾ ਲੜਕਾ ਬੇਦਖਲ ਹੈ।

ਮੈਂ ਕੁਲਵਿੰਦਰ ਕੌਰ ਪਤਨੀ ਨਰਿੰਦਰ ਸਿੰਘ ਵਾਸੀ ਪਿੰਡ: ਫਤਿਹਾ ਤਹਿ. ਖਰੜ ਵਿਅਕਤ ਕਰਦੀ ਹਾਂ ਕਿ ਮੇਰਾ ਲੜਕਾ ਬੇਦਖਲ ਹੈ।

ਮੈਂ ਮਹਿੰਦਰ ਸਿੰਘ ਪੁੱਤਰ ਕਰਨੈਲ ਸਿੰਘ ਵਾਸੀ ਪਿੰਡ: ਜਿਲਾ ਗੰਢੂਆਂ ਤਹਿ: ਸਮਾਣਾ ਬੇਦਖਲ ਕਰਦਾ ਹਾਂ।

ਮੈਂ ਗੁਰਦੀਪ ਸਿੰਘ ਪੁੱਤਰ ਜਰਨੈਲ ਸਿੰਘ ਵਾਸੀ ਪਿੰਡ ਬਨੂੜ ਜ਼ਿਲ੍ਹਾ ਮੁਹਾਲੀ ਬੇਦਖਲ ਕਰਦਾ ਹਾਂ।

ਅਸੀਂ ਪ੍ਰੀਤਮ ਸਿੰਘ ਪੁੱਤਰ ਹਰਨਾਮ ਸਿੰਘ ਅਤੇ ਪਤਨੀ ਬੇਦਖਲ ਕਰਦੇ ਹਾਂ। ਮਕਾਨ ਨੰ. 1315, ਫੇਜ਼ 1, ਮੁਹਾਲੀ।

ਮੈਂ ਇਸ਼ ਸਿੰਘ ਪੁੱਤਰ ਸ੍ਰੀ ਪੀ ਸਿੰਘ ਵਾਸੀ ਸ੍ਰੀ ਅਨੰਦਪੁਰ ਸਾਹਿਬ ਵਿਅਕਤ ਕਰਦਾ ਹਾਂ।

ਮੈਂ ਊਸ਼ਾ ਪਤਨੀ ਅਜਿਤ ਕੁਮਾਰ ਵਾਸੀ ਮਹਿਤਪੁਰ ਜ਼ਿਲ੍ਹਾ ਐਸ.ਏ.ਐਸ. ਨਗਰ ਬੇਦਖਲ ਕਰਦੀ ਹਾਂ।

ਮੈਂ, ਸੁਰੇਸ਼ ਚੰਦ ਪੁੱਤਰ ਬਾਬੂ ਰਾਮ ਵਾਸੀ ਮਕਾਨ ਨੰਬਰ 14, ਗਲੀ ਨੰਬਰ 1/1, ਗੁਰੂ ਨਾਨਕ ਨਗਰ, ਪਟਿਆਲਾ ਬੇਦਖਲ ਕਰਦਾ ਹਾਂ।

ਤਰਨਤਾਰਨ ਤੋਂ ਜ਼ਿਮਨੀ ਦੇ ਅਕਾਲੀ ਉਮੀਦਵਾਰ
ਦੀ ਧੀ ਕੰਚਨਪ੍ਰੀਤ ਕੌਰ ਗ੍ਰਿਫ਼ਤਾਰ
ਅੰਮ੍ਰਿਤਸਰ ਵਿੱਚ 6 ਘੰਟੇ ਪੁੱਛਗਿੱਛ ਤੋਂ ਬਾਅਦ ਲਿਆ ਹਿਰਾਸਤ 'ਚ

ਤਰਨਤਾਰਨ, 28 ਨਵੰਬਰ (ਕੁਲਵਿੰਦਰ ਸਿੰਘ ਢੇਸੀ) :- ਤਰਨਤਾਰਨ ਉਪ ਚੋਣ ਵਿੱਚ ਅਕਾਲੀ ਦਲ ਦੀ ਉਮੀਦਵਾਰ ਸੁਖਵਿੰਦਰ ਕੌਰ ਦੀ ਧੀ ਕੰਚਨਪ੍ਰੀਤ ਨੂੰ ਪੁਲਿਸ ਨੇ ਗ੍ਰਿਫ਼ਤਾਰ ਕਰ ਲਿਆ ਹੈ। ਢੇਰਾਂ ਵਧੇਰਾ ਉਸ ਖ਼ਿਲਾਫ਼ ਥੱਬ-ਥੱਬ ਥਾਣਿਆਂ ਵਿੱਚ ਦਰਜ ਪੰਜ ਕੇਸ ਮਾਮਲੇ ਦਰਜ ਹਨ। ਜਾਂਚ ਲਈ ਸ਼ਾਮਿਲ ਹੋਣ ਤੋਂ ਬਾਅਦ ਉਸਨੂੰ 6 ਘੰਟੇ ਪੁੱਛਗਿੱਛ ਤੋਂ ਬਾਅਦ ਗ੍ਰਿਫ਼ਤਾਰ ਕੀਤਾ ਗਿਆ।

ਅੰਮ੍ਰਿਤਸਰ ਵਿਖੇ ਕੰਚਨਪ੍ਰੀਤ ਕੌਰ ਦੀ ਪੁਰਾਣੀ ਤਸਵੀਰ।

ਹਨ। ਉਨ੍ਹਾਂ ਇਹ ਵੀ ਕਿਹਾ ਕਿ ਅਦਾਲਤ ਨੇ ਕੰਚਨਪ੍ਰੀਤ ਨੂੰ ਗ੍ਰਿਫ਼ਤਾਰੀ ਤੋਂ ਸੁਰੱਖਿਆ ਦਿੱਤੀ ਸੀ। ਇਸ ਦੇ ਬਾਵਜੂਦ ਪੁਲਿਸ ਨੇ ਉਸਨੂੰ ਗ੍ਰਿਫ਼ਤਾਰ ਕਰ ਲਿਆ। ਅਕਾਲੀ ਦਲ ਨੇ ਇਸ ਕਾਰਵਾਈ ਦੀ ਨਿੰਦਾ ਕੀਤੀ ਹੈ ਅਤੇ ਕਿਹਾ ਕਿ ਇਹ ਰਾਜਨੀਤਿਕ ਬਦਲਾਖੋਰੀ ਹੈ। ਪਾਰਟੀ ਆਗੂਆਂ ਨੇ ਕਿਹਾ ਕਿ ਉਹ ਅਦਾਲਤ ਦਾ ਦਰਵਾਜ਼ਾ ਖੜਕਾਉਣਗੇ।

ਕਾਂਗਰਸ ਪਾਰਟੀ ਨੂੰ ਵੱਡਾ ਝਟਕਾ, ਸ਼੍ਰੋਮਣੀ ਅਕਾਲੀ ਦਲ 'ਚ ਕੁਲਵਿੰਦਰ ਰਹਿਲ ਹੋਏ ਸ਼ਾਮਿਲ- ਰਾਜੂ ਖੰਨਾ

ਅਮਲੋਹ, 28 ਨਵੰਬਰ (ਸੁਖਦੀਪ ਸਿੰਘ ਰਤਨਾਨਾ) -ਕਾਂਗਰਸ ਪਾਰਟੀ ਨੂੰ ਹਲਕਾ ਅਮਲੋਹ ਅੰਦਰ ਉਸ ਸਮੇਂ ਵੱਡਾ ਝਟਕਾ ਲੱਗਾ ਜਦੋਂ ਪਿੰਡ ਟਿਵਾਣਾ ਦੇ ਸਾਬਕਾ ਸਰਪੰਚ ਅਤੇ ਕੁਲਵਿੰਦਰ ਸਿੰਘ ਰਹਿਲ ਆਪਣੇ ਸਾਥੀਆਂ ਸਮੇਤ ਸ਼੍ਰੋਮਣੀ ਅਕਾਲੀ ਦਲ ਵਿੱਚ ਸ਼ਾਮਿਲ ਹੋ ਗਏ। ਇਸ ਮੌਕੇ ਹਲਕਾ ਇੰਚਾਰਜ ਗੁਰਪ੍ਰੀਤ ਸਿੰਘ ਰਾਜੂ ਖੰਨਾ ਨੇ ਸ਼ਾਮਿਲ ਹੋਣ ਵਾਲਿਆਂ ਦਾ ਸਿਰੋਪਾਓ ਪਾ ਕੇ ਸਵਾਗਤ ਕੀਤਾ। ਰਾਜੂ ਖੰਨਾ ਨੇ ਕਿਹਾ ਕਿ ਅਕਾਲੀ ਦਲ ਹੀ ਪੰਜਾਬ ਦੇ ਹਿੱਤਾਂ ਦੀ ਰਾਖੀ ਕਰ ਸਕਦਾ ਹੈ ਅਤੇ ਆਉਣ ਵਾਲੀਆਂ ਚੋਣਾਂ ਵਿੱਚ ਪਾਰਟੀ ਪੂਰੀ ਮਜ਼ਬੂਤੀ ਨਾਲ ਚੋਣ ਲੜੇਗੀ। ਇਸ ਮੌਕੇ ਵੱਡੀ ਗਿਣਤੀ ਵਿੱਚ ਪਾਰਟੀ ਵਰਕਰ ਹਾਜ਼ਰ ਸਨ।

ਸੇਂਟ ਸੋਲਜਰ ਸਕੂਲ ਦਾ ਕਿਡਜ਼ ਗਾਰਡਨ ਸੈਕਸ਼ਨ ਦਾ 28 ਵਾਂ ਸਲਾਨਾ ਸਮਾਗਮ ਯਾਦਗਾਰੀ ਹੋ ਨਿਬੜਿਆ

ਜੰਡਿਆਲਾ ਗੁਰੂ, ਟਾਂਗਰਾ 28 ਨਵੰਬਰ (ਸੁਰਜੀਤ ਸਿੰਘ ਮੀਤ, ਸੁਖਵਿੰਦਰ ਸਿੰਘ ਖੱਸਲਾ) - ਸੇਂਟ ਸੋਲਜਰ ਇਲੀਟ ਕਾਨਵੈਂਟ ਸਕੂਲ ਜੰਡਿਆਲਾ ਗੁਰੂ ਦੇ ਕਿਡਜ਼ ਗਾਰਡਨ ਸੈਕਸ਼ਨ ਦਾ 28ਵਾਂ ਸਲਾਨਾ ਸਮਾਗਮ ਬੜੀ ਧੂਮਧਾਮ ਨਾਲ ਕਰਵਾਇਆ ਗਿਆ। ਸਮਾਗਮ ਵਿੱਚ ਮੁੱਖ ਮਹਿਮਾਨ ਵਜੋਂ ਪਹੁੰਚੇ ਸ਼ਖਸੀਅਤਾਂ ਨੇ ਸ਼ਮਾ ਰੌਸ਼ਨ ਕਰਕੇ ਸਮਾਗਮ ਦੀ ਸ਼ੁਰੂਆਤ ਕੀਤੀ। ਛੋਟੇ ਬੱਚਿਆਂ ਨੇ ਰੰਗਾਰੰਗ ਪ੍ਰੋਗਰਾਮ ਪੇਸ਼ ਕੀਤਾ ਜਿਸ ਵਿੱਚ ਡਾਂਸ, ਗਿੱਧਾ, ਭੰਗੜਾ ਅਤੇ ਸਕਿੱਟਾਂ ਸ਼ਾਮਿਲ ਸਨ। ਪ੍ਰਿੰਸੀਪਲ ਨੇ ਸਾਲਾਨਾ ਰਿਪੋਰਟ ਪੜ੍ਹੀ ਅਤੇ ਮਾਪਿਆਂ ਦਾ ਧੰਨਵਾਦ ਕੀਤਾ। ਇਸ ਮੌਕੇ ਜੇਤੂ ਬੱਚਿਆਂ ਨੂੰ ਇਨਾਮ ਵੰਡੇ ਗਏ।

ਨੋਟਿਸ

ਕੇਂਦਰੀ ਸਰਕਾਰ ਦੇ ਸਾਹਮਣੇ, ਖੇਤਰੀ ਨਿਰਦੇਸ਼ਕ, ਉੱਤਰੀ ਖੇਤਰ, ਕਾਰਪੋਰੇਟ ਮਾਮਲਿਆਂ ਦਾ ਮੰਤਰਾਲਾ। ਕੰਪਨੀ ਐਕਟ, 2013 ਦੀ ਧਾਰਾ 13 ਦੀ ਉਪ-ਧਾਰਾ (4) ਅਤੇ ਕੰਪਨੀ (ਇਨਕਾਰਪੋਰੇਸ਼ਨ) ਨਿਯਮ, 2014 ਦੇ ਨਿਯਮ 30 ਦੇ ਉਪ-ਨਿਯਮ (5) ਦੇ ਕਲਾਜ਼ (ਏ) ਦੇ ਮਾਮਲੇ ਵਿੱਚ। ਰਜਿਸਟਰਡ ਦਫ਼ਤਰ: ਮਕਾਨ ਨੰਬਰ 13219/6, ਗਲੀ ਨੰਬਰ 9/1, ਸਿਵ ਕਲੋਨੀ, ਨਾਮਦੇਵ ਚੌਂਕ, ਬਠਿੰਡਾ, ਪੰਜਾਬ-151001। ਮਿਤੀ: 29/11/2025, ਸਥਾਨ: ਬਠਿੰਡਾ (ਪੰਜਾਬ)

NOTICE TO APPEAR/ATTEND PROCEEDINGS OF DLM&SFC-LDH

Through this Publication This is for Constructive Notice for respondent M/S AASTHA INTERNATIONAL having registered office at 26/30, BILGA ROAD, SAHNEWAL, LUDHIANA, PUNJAB, 141120 to appear in person or through authorized representative before the District Level Micro & Small Facilitation Council, Ludhiana, Punjab on 12-12-2025 regarding claim reference petition. In case of default, the matter will be decided ex-parte. Member Secretary cum General Manager, District Industries Centre, Industrial Estate, Ludhiana. Email Id: dicludhiana5@gmail.com, Ph. No. 0161-2546095

ਮੋਟਰ ਕੁਨੈਕਸ਼ਨ...

ਉਪਭੋਗਤਾ ਵਿਜੇ ਅਨਿਲ ਜਾ ਜੀ ਨੂੰ ਲਿਖਿਆ ਜਾਂਦਾ ਹੈ ਕਿ ਇਸ ਉਪ ਮੰਡਲ ਦਫਤਰ ਅਧੀਨ ਚਲ ਰਹੇ ਟਿਊਬਵੈੱਲ ਕੁਨੈਕਸ਼ਨ ਨੰਬਰ 3003099384 ਪਿੰਡ ਝੁਨੀਰ ਦੇ ਨਾਮ ਤੇ ਚੱਲ ਰਿਹਾ ਹੈ। ਇਸ ਕੁਨੈਕਸ਼ਨ ਦੇ ਸਬੰਧੀ ਜੇਕਰ ਕਿਸੇ ਨੂੰ ਕੋਈ ਇਤਰਾਜ਼ ਹੋਵੇ ਤਾਂ 15 ਦਿਨ ਦੇ ਅੰਦਰ ਦਫਤਰ ਨਾਲ ਸੰਪਰਕ ਕਰੇ। ਸਹਾਇਕ ਇੰਜੀਨੀਅਰ, ਸ਼ਹਿਰੀ ਉਪ ਮੰਡਲ, ਮਾਨਸਾ।

ਬੇਦਖਲੀ

ਮੈਂ ਨਿਰਮਲ ਸਿੰਘ ਪੁੱਤਰ ਸ਼ਿਵ ਸਿੰਘ ਵਾਸੀ ਮਕਾਨ ਨੰਬਰ 4362/3 ਕੁੰਭਾ ਪੱਤੀ ਰਾਏਕੋਟ ਤਹਿ: ਰਾਏਕੋਟ ਜ਼ਿਲ੍ਹਾ ਲੁਧਿਆਣਾ ਵਿਅਕਤ ਕਰਦਾ ਹਾਂ ਕਿ ਮੇਰਾ ਲੜਕਾ ਗੁਰਸੇਵਕ ਸਿੰਘ ਅਤੇ ਉਸਦੀ ਪਤਨੀ ਮੇਰੇ ਕਹਿਣੇ ਤੋਂ ਬਾਹਰ ਹਨ। ਮੈਂ ਇਨ੍ਹਾਂ ਨੂੰ ਬੇਦਖਲ ਕਰਦਾ ਹਾਂ।

ਮੈਂ ਜਸਵੀਰ ਸਿੰਘ ਪੁੱਤਰ ਕ੍ਰਿਪਾਲ ਸਿੰਘ ਵਾਸੀ ਪਿੰਡ ਢੋਲਣ ਤਹਿ ਜਗਰਾਉਂ ਜ਼ਿਲ੍ਹਾ ਲੁਧਿਆਣਾ ਵਿਅਕਤ ਕਰਦਾ ਹਾਂ ਕਿ ਮੇਰਾ ਪੁੱਤਰ ਗੁਰਪਰਮਜੀਤ ਸਿੰਘ ਜੋ ਕਿ ਮੇਰੇ ਕਹਿਣੇ ਤੋਂ ਬਾਹਰ ਹੈ। ਮੈਂ ਉਸਨੂੰ ਬੇਦਖਲ ਕਰਦਾ ਹਾਂ।

ਮੈਂ ਅਜੈਬ ਸਿੰਘ ਪੁੱਤਰ ਮੇਲਾ ਸਿੰਘ ਵਾਸੀ ਪਿੰਡ ਗੁਰਜੀਤ ਸਿੰਘ ਜ਼ਿਲ੍ਹਾ ਮਾਨਸਾ ਵਿਅਕਤ ਕਰਦਾ ਹਾਂ ਕਿ ਮੇਰਾ ਲੜਕਾ ਗੁਰਜੀਤ ਸਿੰਘ ਅਤੇ ਉਸਦੀ ਪਤਨੀ ਮੇਰੇ ਕਹਿਣੇ ਤੋਂ ਬਾਹਰ ਹਨ।

ਮੈਂ ਪੰਕਜ ਕੁਮਾਰ ਪੁੱਤਰ ਦੇਵ ਨਾਥ ਵਾਸੀ ਨਿਊ ਮੁਲਕ ਰੋਡ ਨਗਰ, ਲੋਹਾਰਾ, ਲੁਧਿਆਣਾ ਦਾ ਵਿਅਕਤ ਕਰਦਾ ਹਾਂ ਕਿ ਮੇਰੀ ਲੜਕੀ ਮਮਤਾ ਪਤਨੀ ਦੀਪਕ ਜੋ ਕਿ ਮੇਰੇ ਕਹਿਣੇ ਤੋਂ ਬਾਹਰ ਹੈ।

ਮੈਂ ਜਸਮੀਤ ਕੌਰ ਵਿਧਵਾ ਚਰਨਜੀਤ ਸਿੰਘ ਵਾਸੀ ਪਿੰਡ ਕਰਮੂਵਾਲਾ, ਤਹਿਸੀਲ ਪੱਟੀ, ਜ਼ਿਲ੍ਹਾ ਤਰਨਤਾਰਨ ਵਿਅਕਤ ਕਰਦੀ ਹਾਂ ਕਿ ਮੇਰਾ ਲੜਕਾ ਬੇਦਖਲ ਹੈ।

ਬੇਦਖਲੀ ਰੱਦ

ਮੈਂ ਕਮਲਜੀਤ ਕੌਰ ਪਤਨੀ ਲੇਟ ਰਮਨ ਸਿੰਘ ਵਾਸੀ ਮਕਾਨ ਨੰਬਰ 1914 ਗਲੀ ਨੰਬਰ 4 ਇੰਦਰਪੁਰੀ ਤਾਜਪੁਰ ਰੋਡ ਲੁਧਿਆਣਾ ਨੇ ਆਪਣੇ ਲੜਕੇ ਨੂੰ ਬੇਦਖਲ ਕੀਤਾ ਸੀ ਜੋ ਕਿ ਹੁਣ ਰੱਦ ਕਰਦੀ ਹਾਂ। 7171

ਮੈਂ ਕੁਲਵਿੰਦਰ ਕੌਰ ਪਤਨੀ ਬਲਵਿੰਦਰ ਸਿੰਘ ਵਾਸੀ ਬੀਬ ਸਟੋਰ, ਫ਼ਿਰੋਜ਼ਪੁਰ ਰੋਡ, ਲੁਧਿਆਣਾ ਨੇ ਆਪਣੀ ਧੀ ਨੂੰ ਬੇਦਖਲ ਕੀਤਾ ਸੀ ਜੋ ਹੁਣ ਰੱਦ ਕਰਦੀ ਹਾਂ। 7171

ਮੈਂ ਕੁਲਵਿੰਦਰ ਸਿੰਘ ਪੁੱਤਰ ਸਵ. ਜਸਵੰਤ ਸਿੰਘ ਵਾਸੀ ਬਲਜੀਤਪੁਰੀ, ਰਾਏਕੋਟ, ਜ਼ਿਲ੍ਹਾ ਲੁਧਿਆਣਾ ਨੇ ਜੋ ਬੇਦਖਲੀ ਕੀਤੀ ਸੀ ਹੁਣ ਰੱਦ ਕਰਦਾ ਹਾਂ।

Public Notice

Original Sale Deed No. 528 dated 19.05.2005 executed in favour of Mrs. Satya Devi regarding Property measuring 80 Sq. Yards situated within the municipal limits of Maur Mandi Tehsil Maur District Bathinda currently owned by Mrs. Rita Rani w/o Vijay Kumar S/o Jagdish Raj is lost and not mortgaged with any Bank or Financial Institution. In this regard DDR No. 652645/2025 dated 27.11.2025 has been got registered. Anybody having objection regarding mortgage of property with AU SMALL FINANCE BANK LIMITED Bathinda, may respond or raise objection within 07 Days, to Advocate Kanika Garg, Mob. No. 97791-47759.

Public Notice

ਇਸ਼ਤਿਹਾਰ ਰਾਹੀਂ ਆਮ ਜਨਤਾ ਨੂੰ ਸੂਚਿਤ ਕੀਤਾ ਜਾਂਦਾ ਹੈ ਕਿ ਰਜਿਸਟਰੀ ਨੰਬਰ 641 ਮਿਤੀ 3-6-2014, ਮਕਾਨ ਨੰਬਰ 253 ਖਸਰਾ ਨੰ 11 ਨਾਲ ਸਬੰਧਤ ਅਸਲ ਦਸਤਾਵੇਜ਼ ਗੁੰਮ ਹੋ ਗਏ ਹਨ। ਜੇਕਰ ਕਿਸੇ ਨੂੰ ਮਿਲਣ ਤਾਂ ਸੰਪਰਕ ਕਰੇ।

Public Notice

ਇਸ਼ਤਿਹਾਰ ਰਾਹੀਂ ਆਮ ਜਨਤਾ ਨੂੰ ਸੂਚਿਤ ਕੀਤਾ ਜਾਂਦਾ ਹੈ ਕਿ ਵਸੀਕਾ ਨੰਬਰ 3312 ਮਿਤੀ 21-03-2011 ਵਾਲੀ ਜਾਇਦਾਦ ਦੇ ਅਸਲ ਕਾਗਜ਼ਾਤ ਗੁੰਮ ਹੋ ਗਏ ਹਨ।

PUBLIC NOTICE

Original Sale Deed No. 3102 dated 18.12.2012 executed in favour of Mrs. Paramjeet Kaur regarding Property measuring 00 Kanal 8.98 Marlas situated at village Kotha Pindi Tehsil Jaitu District Faridkot is lost and not mortgaged with any Bank or Financial Institution. In this regard DDR No. 652694/2025 dated 27.11.2025 has been got registered. Anybody having objection may respond within 07 Days, to Advocate Kanika Garg, Mob. No. 97791-47759.

ਇਸ਼ਤਿਹਾਰਾਂ ਸਬੰਧੀ ਜ਼ਰੂਰੀ ਬੇਨਤੀ

'ਅਦਾਰਾ ਹੱਕ ਸੱਚ ਦਾ ਪਹਿਰੇਦਾਰ' ਅਖ਼ਬਾਰ ਵਿੱਚ ਛਪੇ ਕਿਸੇ ਵੀ ਇਸ਼ਤਿਹਾਰ ਦੀ ਜ਼ਿੰਮੇਵਾਰੀ ਇਸ਼ਤਿਹਾਰ ਦੇਣ ਵਾਲੇ ਦੀ ਹੋਵੇਗੀ। ਅਦਾਰਾ ਇਸ਼ਤਿਹਾਰਾਂ ਦੀ ਸਚਾਈ ਲਈ ਜ਼ਿੰਮੇਵਾਰ ਨਹੀਂ ਹੋਵੇਗਾ। ਕਿਰਪਾ ਕਰਕੇ ਪਾਠਕ ਆਪਣੇ ਤੌਰ 'ਤੇ ਜਾਂਚ ਕਰ ਲੈਣ। -ਪ੍ਰਬੰਧਕ

ਇਸ਼ਤਿਹਾਰ ਅਤੇ ਕਲਾਸੀਫਾਈਡ ਕੇਵਲ ਅਦਾਰਾ 'ਪਹਿਰੇਦਾਰ' ਦੀ ਈ-ਮੇਲ rozanapehredaradvt@gmail.com 'ਤੇ ਹੀ ਭੇਜੇ ਜਾਣ।
